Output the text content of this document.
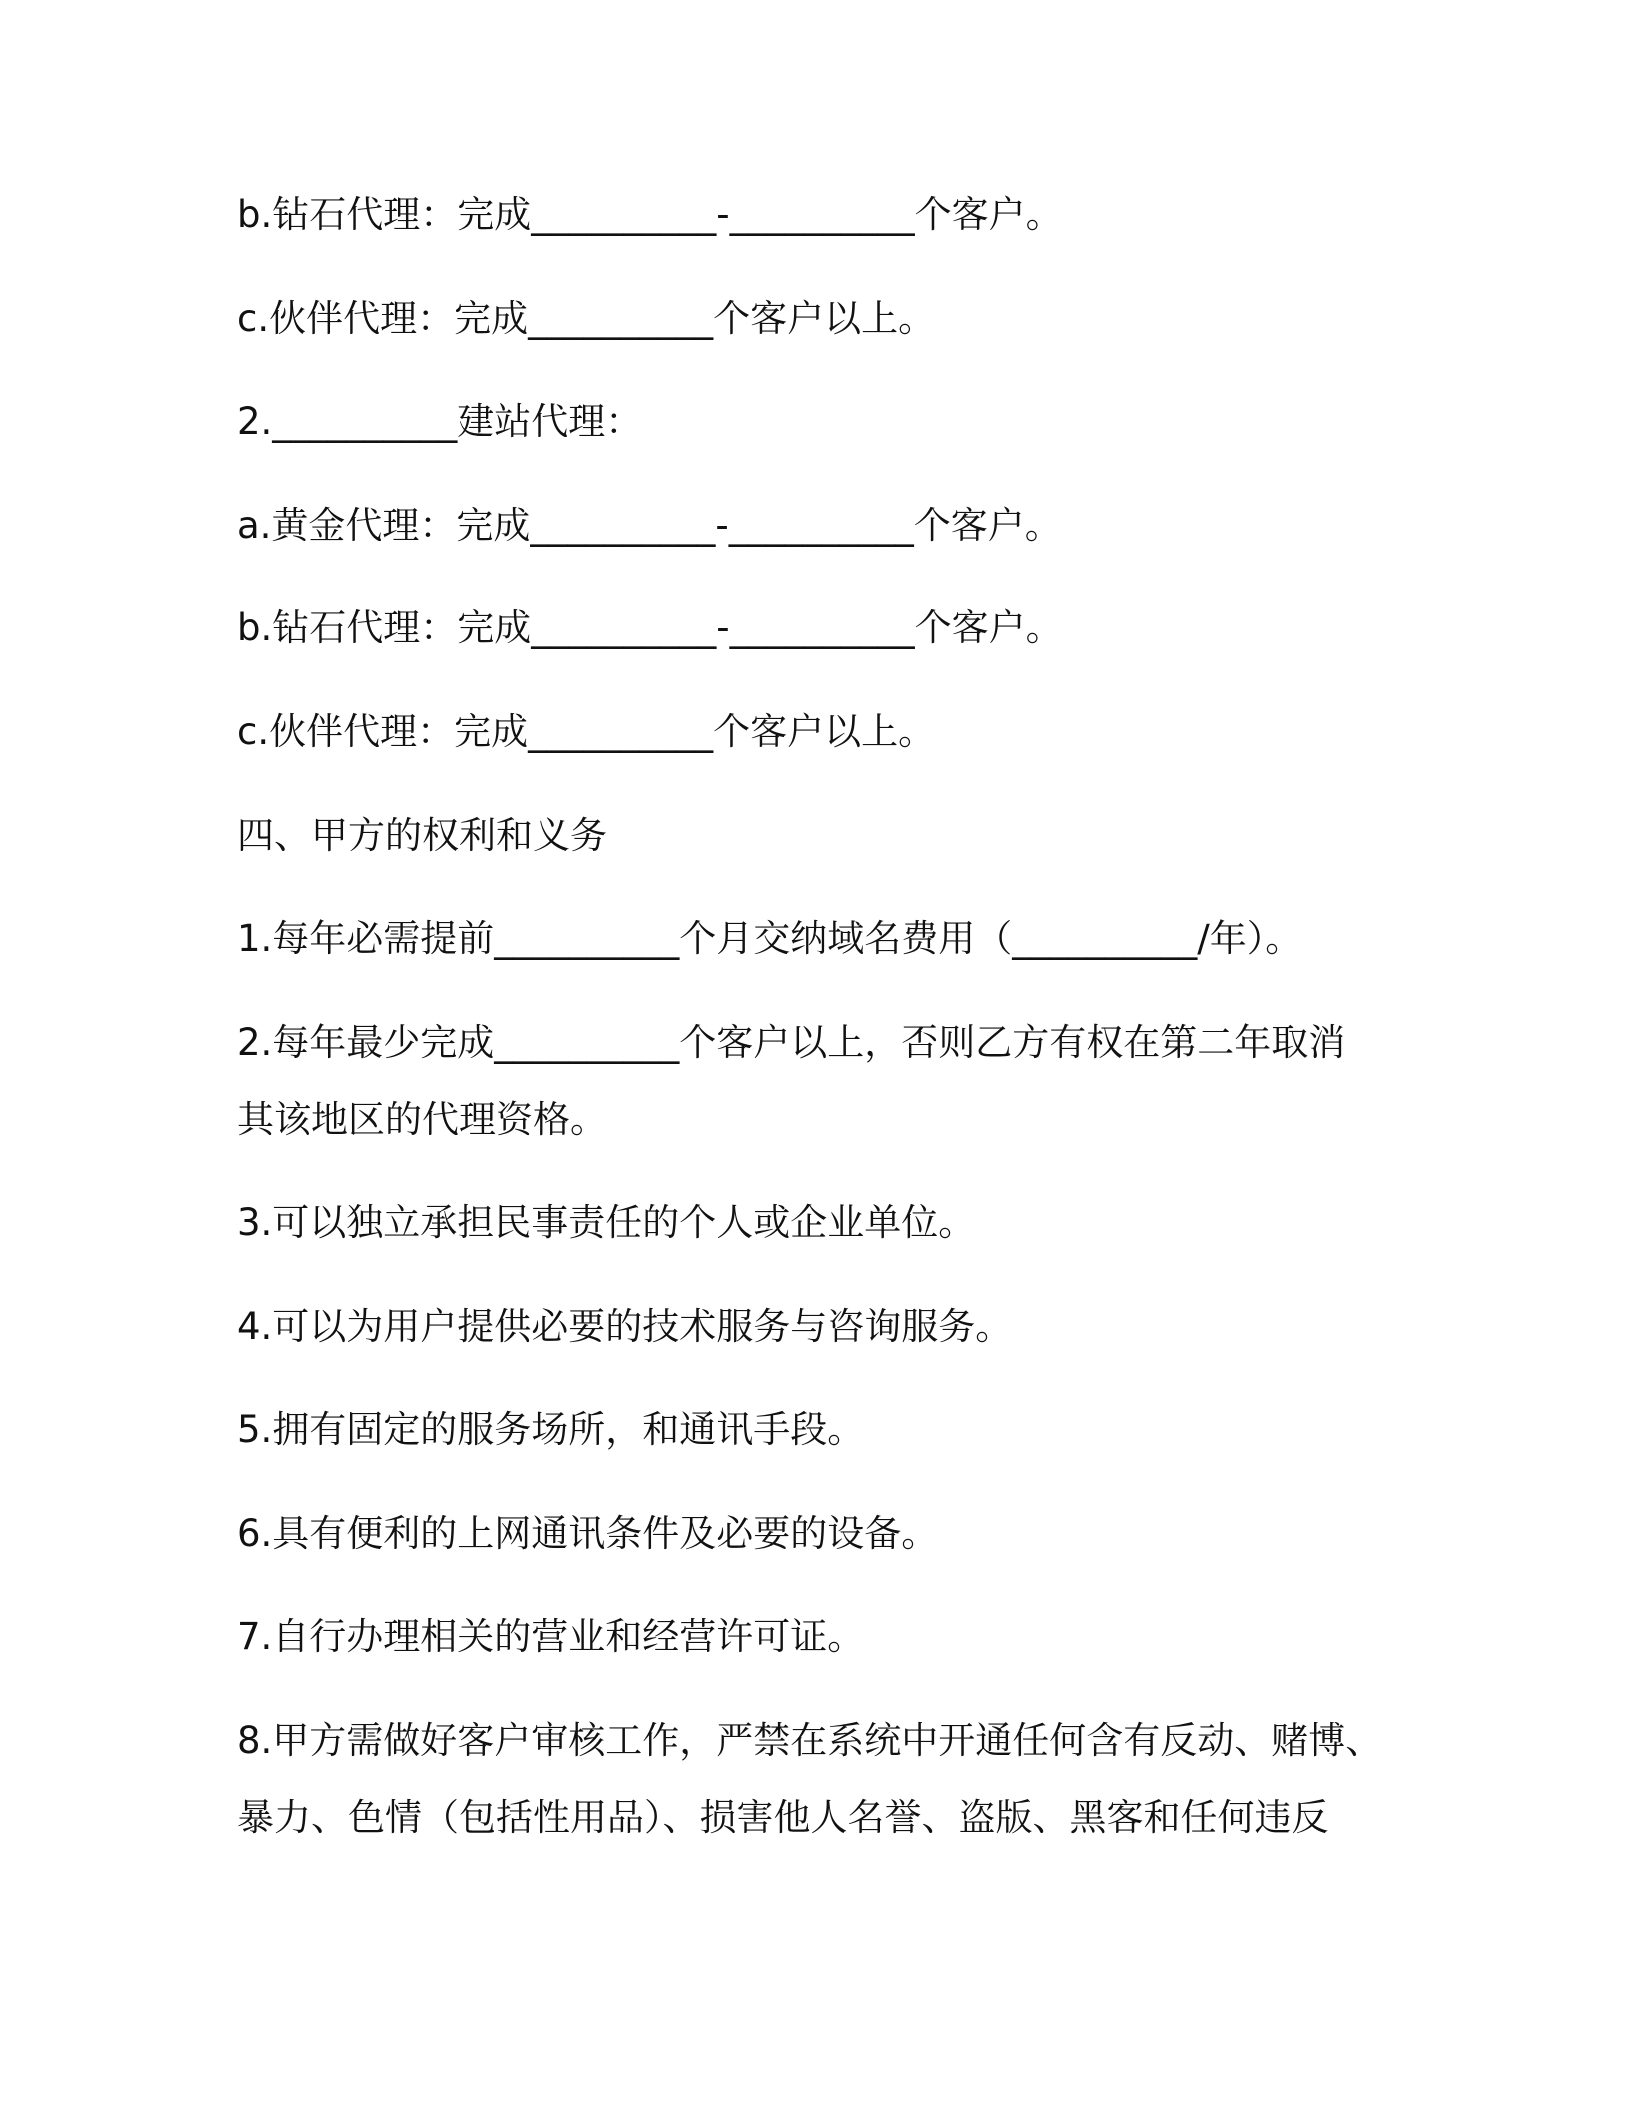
b.钻石代理：完成__________-__________个客户。

c.伙伴代理：完成__________个客户以上。

2.__________建站代理：

a.黄金代理：完成__________-__________个客户。

b.钻石代理：完成__________-__________个客户。

c.伙伴代理：完成__________个客户以上。

四、甲方的权利和义务

1.每年必需提前__________个月交纳域名费用（__________/年）。

2.每年最少完成__________个客户以上，否则乙方有权在第二年取消

其该地区的代理资格。

3.可以独立承担民事责任的个人或企业单位。

4.可以为用户提供必要的技术服务与咨询服务。

5.拥有固定的服务场所，和通讯手段。

6.具有便利的上网通讯条件及必要的设备。

7.自行办理相关的营业和经营许可证。

8.甲方需做好客户审核工作，严禁在系统中开通任何含有反动、赌博、

暴力、色情（包括性用品）、损害他人名誉、盗版、黑客和任何违反
